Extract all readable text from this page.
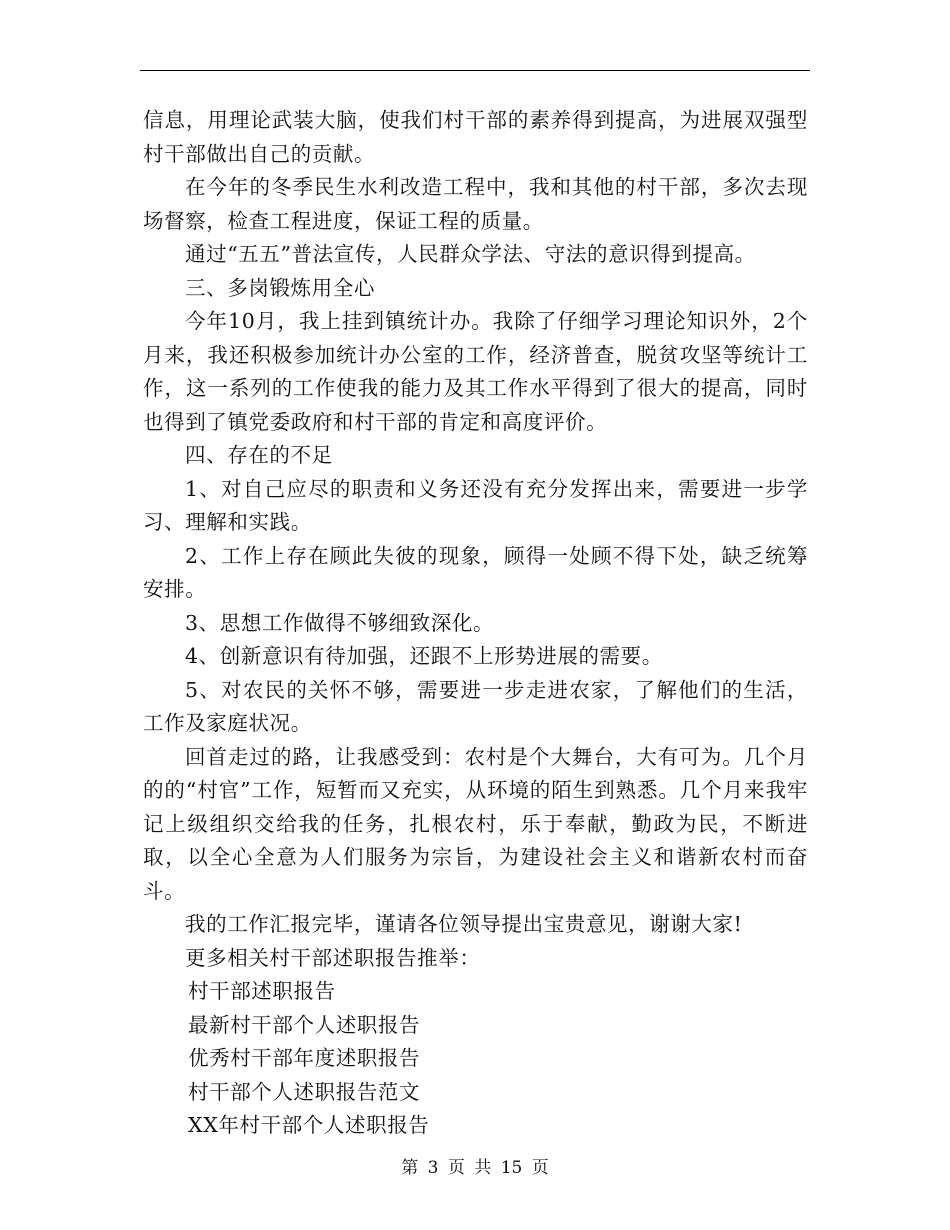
信息，用理论武装大脑，使我们村干部的素养得到提高，为进展双强型村干部做出自己的贡献。

在今年的冬季民生水利改造工程中，我和其他的村干部，多次去现场督察，检查工程进度，保证工程的质量。

通过“五五”普法宣传，人民群众学法、守法的意识得到提高。

三、多岗锻炼用全心

今年10月，我上挂到镇统计办。我除了仔细学习理论知识外，2个月来，我还积极参加统计办公室的工作，经济普查，脱贫攻坚等统计工作，这一系列的工作使我的能力及其工作水平得到了很大的提高，同时也得到了镇党委政府和村干部的肯定和高度评价。

四、存在的不足

1、对自己应尽的职责和义务还没有充分发挥出来，需要进一步学习、理解和实践。

2、工作上存在顾此失彼的现象，顾得一处顾不得下处，缺乏统筹安排。

3、思想工作做得不够细致深化。

4、创新意识有待加强，还跟不上形势进展的需要。

5、对农民的关怀不够，需要进一步走进农家，了解他们的生活，工作及家庭状况。

回首走过的路，让我感受到：农村是个大舞台，大有可为。几个月的的“村官”工作，短暂而又充实，从环境的陌生到熟悉。几个月来我牢记上级组织交给我的任务，扎根农村，乐于奉献，勤政为民，不断进取，以全心全意为人们服务为宗旨，为建设社会主义和谐新农村而奋斗。

我的工作汇报完毕，谨请各位领导提出宝贵意见，谢谢大家!

更多相关村干部述职报告推举：

村干部述职报告

最新村干部个人述职报告

优秀村干部年度述职报告

村干部个人述职报告范文

XX年村干部个人述职报告

第 3 页 共 15 页
